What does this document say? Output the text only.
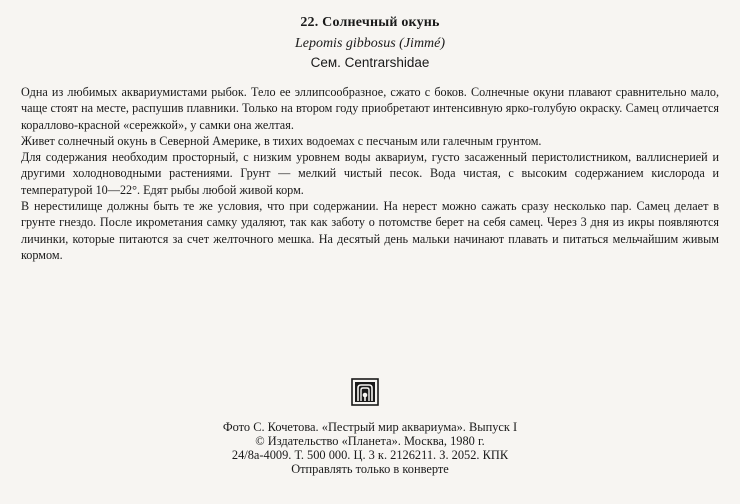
22. Солнечный окунь
Lepomis gibbosus (Jimmé)
Сем. Centrarshidae

Одна из любимых аквариумистами рыбок. Тело ее эллипсообразное, сжато с боков. Солнечные окуни плавают сравнительно мало, чаще стоят на месте, распушив плавники. Только на втором году приобретают интенсивную ярко-голубую окраску. Самец отличается кораллово-красной «сережкой», у самки она желтая.

Живет солнечный окунь в Северной Америке, в тихих водоемах с песчаным или галечным грунтом.

Для содержания необходим просторный, с низким уровнем воды аквариум, густо засаженный перистолистником, валлиснерией и другими холодноводными растениями. Грунт — мелкий чистый песок. Вода чистая, с высоким содержанием кислорода и температурой 10—22°. Едят рыбы любой живой корм.

В нерестилище должны быть те же условия, что при содержании. На нерест можно сажать сразу несколько пар. Самец делает в грунте гнездо. После икрометания самку удаляют, так как заботу о потомстве берет на себя самец. Через 3 дня из икры появляются личинки, которые питаются за счет желточного мешка. На десятый день мальки начинают плавать и питаться мельчайшим живым кормом.

Фото С. Кочетова. «Пестрый мир аквариума». Выпуск I
© Издательство «Планета». Москва, 1980 г.
24/8а-4009. Т. 500 000. Ц. 3 к. 2126211. З. 2052. КПК
Отправлять только в конверте
